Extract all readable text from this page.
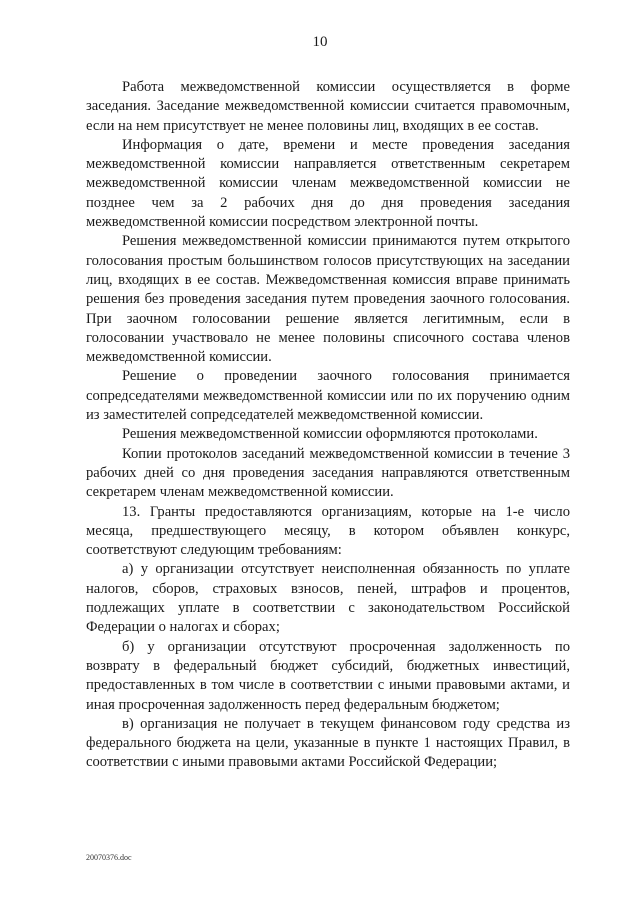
10

Работа межведомственной комиссии осуществляется в форме заседания. Заседание межведомственной комиссии считается правомочным, если на нем присутствует не менее половины лиц, входящих в ее состав.

Информация о дате, времени и месте проведения заседания межведомственной комиссии направляется ответственным секретарем межведомственной комиссии членам межведомственной комиссии не позднее чем за 2 рабочих дня до дня проведения заседания межведомственной комиссии посредством электронной почты.

Решения межведомственной комиссии принимаются путем открытого голосования простым большинством голосов присутствующих на заседании лиц, входящих в ее состав. Межведомственная комиссия вправе принимать решения без проведения заседания путем проведения заочного голосования. При заочном голосовании решение является легитимным, если в голосовании участвовало не менее половины списочного состава членов межведомственной комиссии.

Решение о проведении заочного голосования принимается сопредседателями межведомственной комиссии или по их поручению одним из заместителей сопредседателей межведомственной комиссии.

Решения межведомственной комиссии оформляются протоколами.

Копии протоколов заседаний межведомственной комиссии в течение 3 рабочих дней со дня проведения заседания направляются ответственным секретарем членам межведомственной комиссии.

13. Гранты предоставляются организациям, которые на 1-е число месяца, предшествующего месяцу, в котором объявлен конкурс, соответствуют следующим требованиям:

а) у организации отсутствует неисполненная обязанность по уплате налогов, сборов, страховых взносов, пеней, штрафов и процентов, подлежащих уплате в соответствии с законодательством Российской Федерации о налогах и сборах;

б) у организации отсутствуют просроченная задолженность по возврату в федеральный бюджет субсидий, бюджетных инвестиций, предоставленных в том числе в соответствии с иными правовыми актами, и иная просроченная задолженность перед федеральным бюджетом;

в) организация не получает в текущем финансовом году средства из федерального бюджета на цели, указанные в пункте 1 настоящих Правил, в соответствии с иными правовыми актами Российской Федерации;

20070376.doc
